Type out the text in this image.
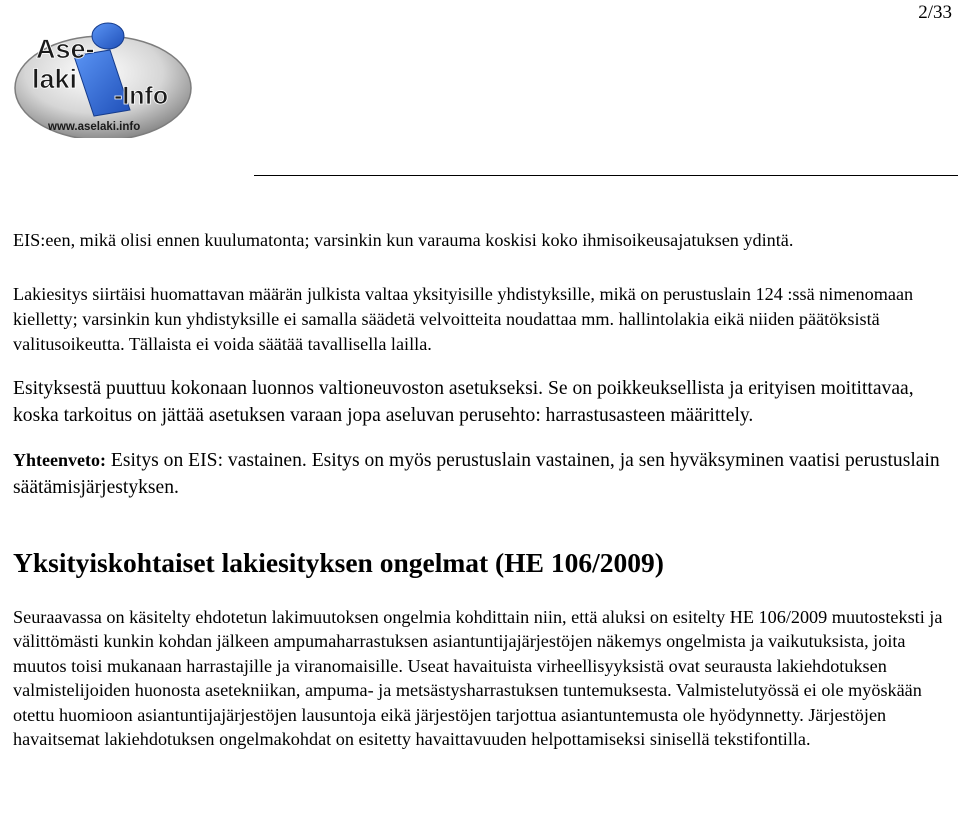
2/33
Ase-
laki
-Info
www.aselaki.info

EIS:een, mikä olisi ennen kuulumatonta; varsinkin kun varauma koskisi koko ihmisoikeusajatuksen ydintä.

Lakiesitys siirtäisi huomattavan määrän julkista valtaa yksityisille yhdistyksille, mikä on perustuslain 124 :ssä nimenomaan kielletty; varsinkin kun yhdistyksille ei samalla säädetä velvoitteita noudattaa mm. hallintolakia eikä niiden päätöksistä valitusoikeutta. Tällaista ei voida säätää tavallisella lailla.

Esityksestä puuttuu kokonaan luonnos valtioneuvoston asetukseksi. Se on poikkeuksellista ja erityisen moitittavaa, koska tarkoitus on jättää asetuksen varaan jopa aseluvan perusehto: harrastusasteen määrittely.

Yhteenveto: Esitys on EIS: vastainen. Esitys on myös perustuslain vastainen, ja sen hyväksyminen vaatisi perustuslain säätämisjärjestyksen.

Yksityiskohtaiset lakiesityksen ongelmat (HE 106/2009)

Seuraavassa on käsitelty ehdotetun lakimuutoksen ongelmia kohdittain niin, että aluksi on esitelty HE 106/2009 muutosteksti ja välittömästi kunkin kohdan jälkeen ampumaharrastuksen asiantuntijajärjestöjen näkemys ongelmista ja vaikutuksista, joita muutos toisi mukanaan harrastajille ja viranomaisille. Useat havaituista virheellisyyksistä ovat seurausta lakiehdotuksen valmistelijoiden huonosta asetekniikan, ampuma- ja metsästysharrastuksen tuntemuksesta. Valmistelutyössä ei ole myöskään otettu huomioon asiantuntijajärjestöjen lausuntoja eikä järjestöjen tarjottua asiantuntemusta ole hyödynnetty. Järjestöjen havaitsemat lakiehdotuksen ongelmakohdat on esitetty havaittavuuden helpottamiseksi sinisellä tekstifontilla.
